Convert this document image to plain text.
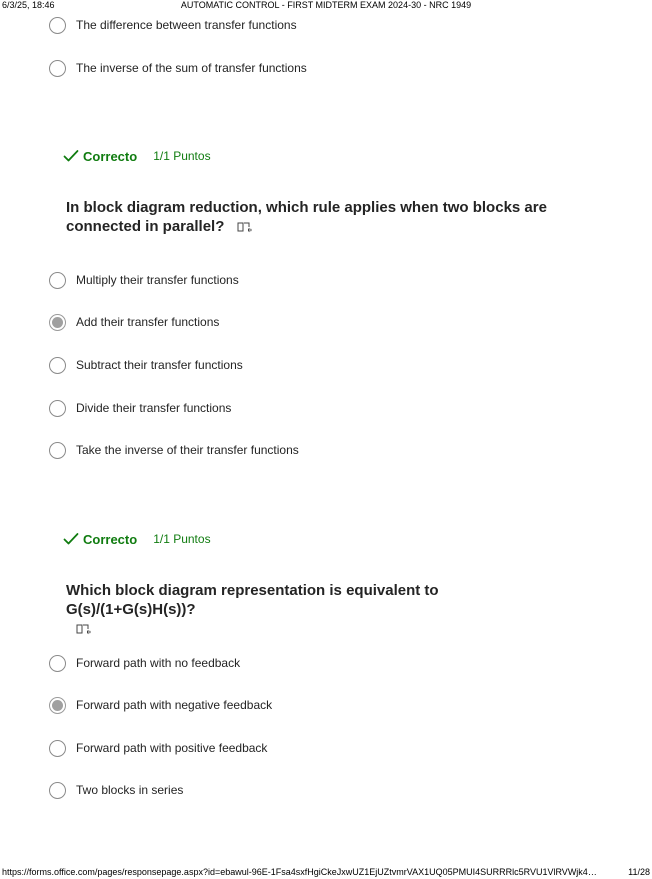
6/3/25, 18:46	AUTOMATIC CONTROL - FIRST MIDTERM EXAM 2024-30 - NRC 1949
The difference between transfer functions
The inverse of the sum of transfer functions
Correcto 1/1 Puntos
In block diagram reduction, which rule applies when two blocks are connected in parallel?
Multiply their transfer functions
Add their transfer functions
Subtract their transfer functions
Divide their transfer functions
Take the inverse of their transfer functions
Correcto 1/1 Puntos
Which block diagram representation is equivalent to G(s)/(1+G(s)H(s))?
Forward path with no feedback
Forward path with negative feedback
Forward path with positive feedback
Two blocks in series
https://forms.office.com/pages/responsepage.aspx?id=ebawul-96E-1Fsa4sxfHgiCkeJxwUZ1EjUZtvmrVAX1UQ05PMUI4SURRRlc5RVU1VlRVWjk4…	11/28
